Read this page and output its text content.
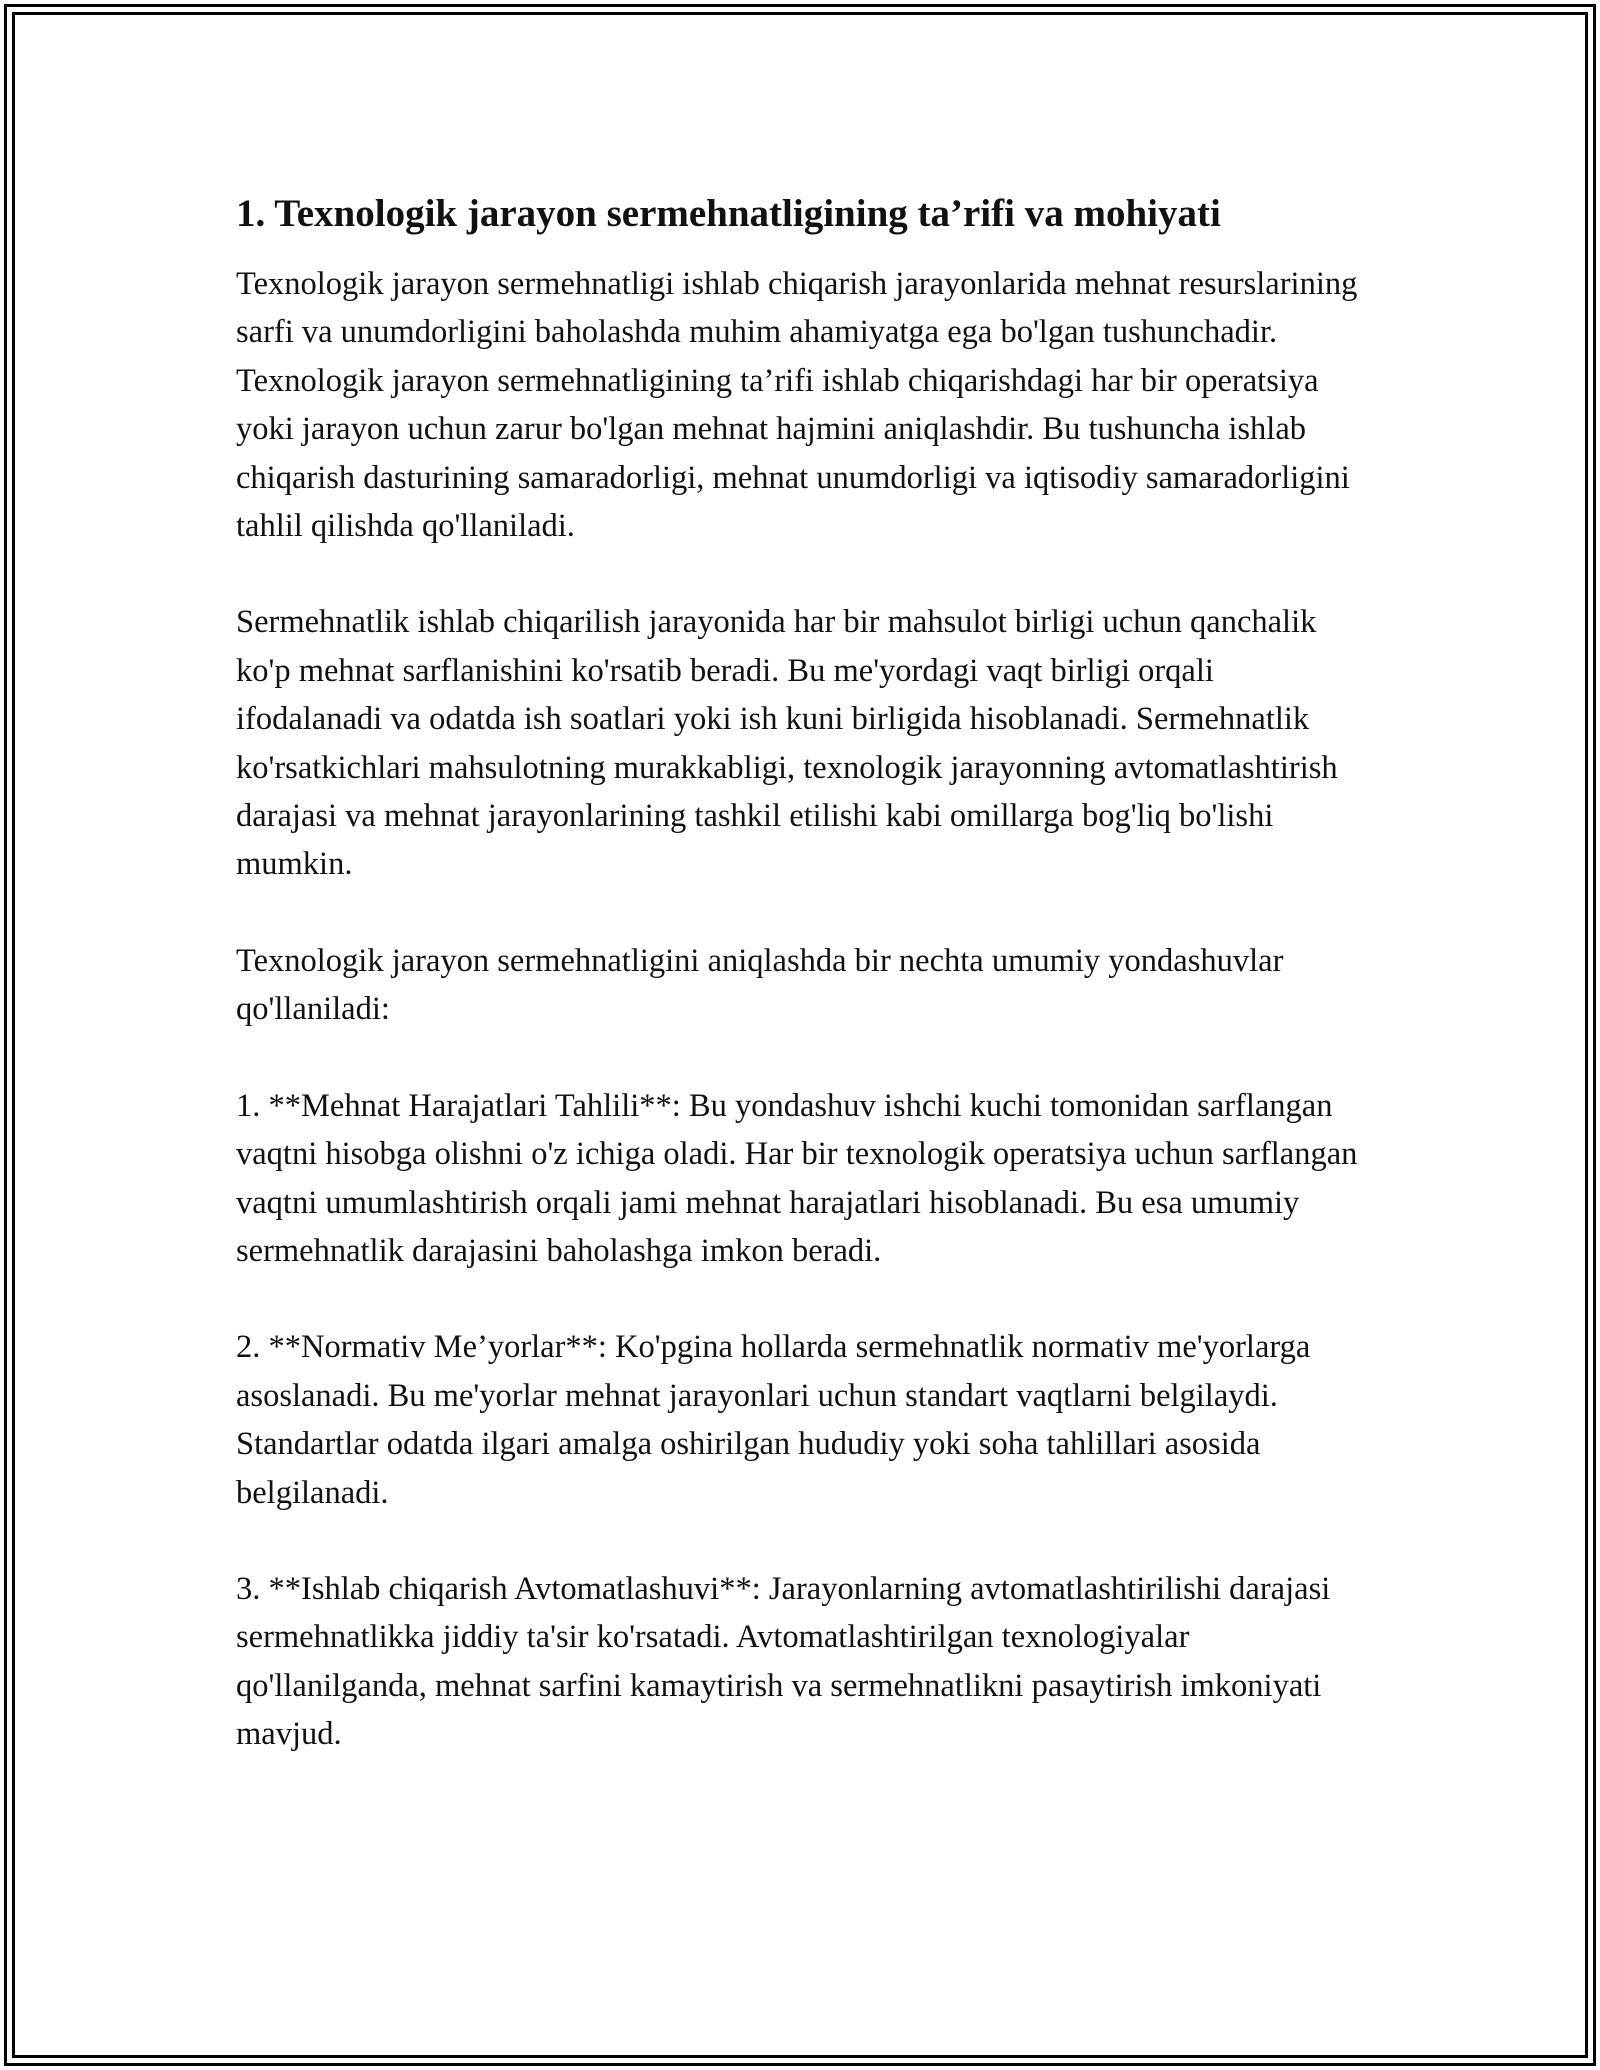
1. Texnologik jarayon sermehnatligining ta’rifi va mohiyati

Texnologik jarayon sermehnatligi ishlab chiqarish jarayonlarida mehnat resurslarining sarfi va unumdorligini baholashda muhim ahamiyatga ega bo'lgan tushunchadir. Texnologik jarayon sermehnatligining ta’rifi ishlab chiqarishdagi har bir operatsiya yoki jarayon uchun zarur bo'lgan mehnat hajmini aniqlashdir. Bu tushuncha ishlab chiqarish dasturining samaradorligi, mehnat unumdorligi va iqtisodiy samaradorligini tahlil qilishda qo'llaniladi.

Sermehnatlik ishlab chiqarilish jarayonida har bir mahsulot birligi uchun qanchalik ko'p mehnat sarflanishini ko'rsatib beradi. Bu me'yordagi vaqt birligi orqali ifodalanadi va odatda ish soatlari yoki ish kuni birligida hisoblanadi. Sermehnatlik ko'rsatkichlari mahsulotning murakkabligi, texnologik jarayonning avtomatlashtirish darajasi va mehnat jarayonlarining tashkil etilishi kabi omillarga bog'liq bo'lishi mumkin.

Texnologik jarayon sermehnatligini aniqlashda bir nechta umumiy yondashuvlar qo'llaniladi:

1. **Mehnat Harajatlari Tahlili**: Bu yondashuv ishchi kuchi tomonidan sarflangan vaqtni hisobga olishni o'z ichiga oladi. Har bir texnologik operatsiya uchun sarflangan vaqtni umumlashtirish orqali jami mehnat harajatlari hisoblanadi. Bu esa umumiy sermehnatlik darajasini baholashga imkon beradi.

2. **Normativ Me’yorlar**: Ko'pgina hollarda sermehnatlik normativ me'yorlarga asoslanadi. Bu me'yorlar mehnat jarayonlari uchun standart vaqtlarni belgilaydi. Standartlar odatda ilgari amalga oshirilgan hududiy yoki soha tahlillari asosida belgilanadi.

3. **Ishlab chiqarish Avtomatlashuvi**: Jarayonlarning avtomatlashtirilishi darajasi sermehnatlikka jiddiy ta'sir ko'rsatadi. Avtomatlashtirilgan texnologiyalar qo'llanilganda, mehnat sarfini kamaytirish va sermehnatlikni pasaytirish imkoniyati mavjud.
